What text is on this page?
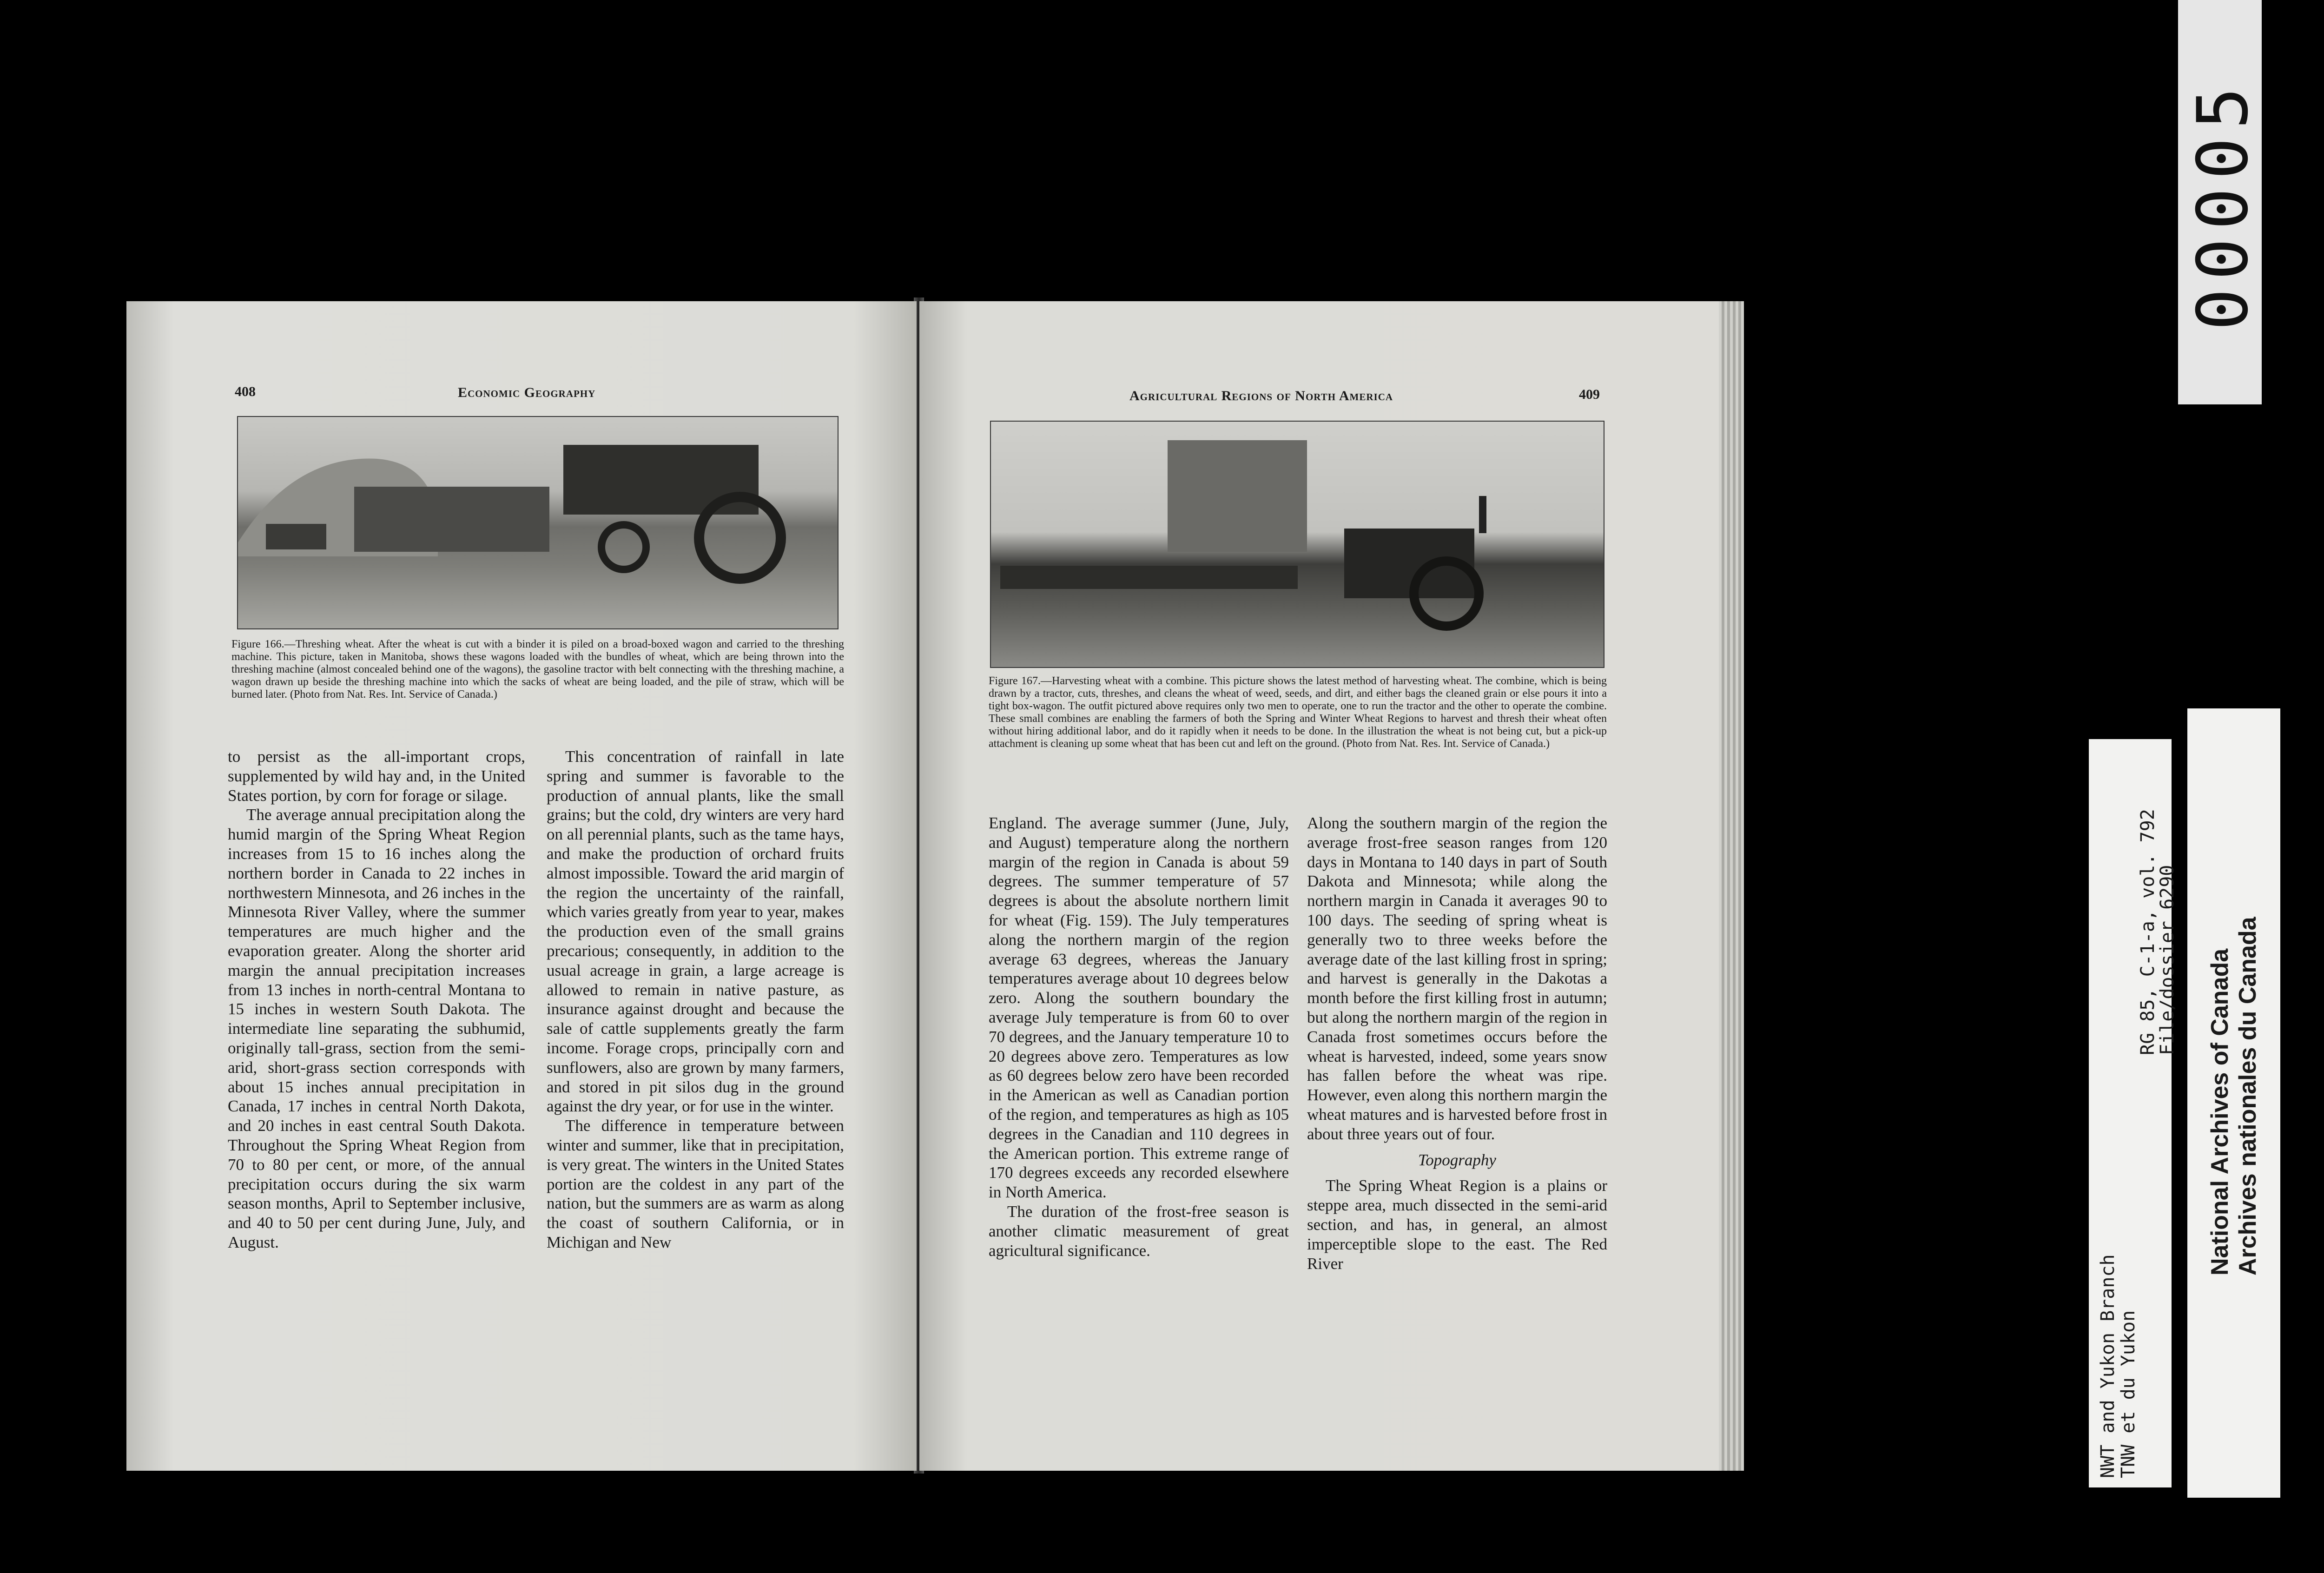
408	Economic Geography
Figure 166.—Threshing wheat. After the wheat is cut with a binder it is piled on a broad-boxed wagon and carried to the threshing machine. This picture, taken in Manitoba, shows these wagons loaded with the bundles of wheat, which are being thrown into the threshing machine (almost concealed behind one of the wagons), the gasoline tractor with belt connecting with the threshing machine, a wagon drawn up beside the threshing machine into which the sacks of wheat are being loaded, and the pile of straw, which will be burned later. (Photo from Nat. Res. Int. Service of Canada.)

to persist as the all-important crops, supplemented by wild hay and, in the United States portion, by corn for forage or silage.

The average annual precipitation along the humid margin of the Spring Wheat Region increases from 15 to 16 inches along the northern border in Canada to 22 inches in northwestern Minnesota, and 26 inches in the Minnesota River Valley, where the summer temperatures are much higher and the evaporation greater. Along the shorter arid margin the annual precipitation increases from 13 inches in north-central Montana to 15 inches in western South Dakota. The intermediate line separating the subhumid, originally tall-grass, section from the semi-arid, short-grass section corresponds with about 15 inches annual precipitation in Canada, 17 inches in central North Dakota, and 20 inches in east central South Dakota. Throughout the Spring Wheat Region from 70 to 80 per cent, or more, of the annual precipitation occurs during the six warm season months, April to September inclusive, and 40 to 50 per cent during June, July, and August.

This concentration of rainfall in late spring and summer is favorable to the production of annual plants, like the small grains; but the cold, dry winters are very hard on all perennial plants, such as the tame hays, and make the production of orchard fruits almost impossible. Toward the arid margin of the region the uncertainty of the rainfall, which varies greatly from year to year, makes the production even of the small grains precarious; consequently, in addition to the usual acreage in grain, a large acreage is allowed to remain in native pasture, as insurance against drought and because the sale of cattle supplements greatly the farm income. Forage crops, principally corn and sunflowers, also are grown by many farmers, and stored in pit silos dug in the ground against the dry year, or for use in the winter.

The difference in temperature between winter and summer, like that in precipitation, is very great. The winters in the United States portion are the coldest in any part of the nation, but the summers are as warm as along the coast of southern California, or in Michigan and New

Agricultural Regions of North America	409
Figure 167.—Harvesting wheat with a combine. This picture shows the latest method of harvesting wheat. The combine, which is being drawn by a tractor, cuts, threshes, and cleans the wheat of weed, seeds, and dirt, and either bags the cleaned grain or else pours it into a tight box-wagon. The outfit pictured above requires only two men to operate, one to run the tractor and the other to operate the combine. These small combines are enabling the farmers of both the Spring and Winter Wheat Regions to harvest and thresh their wheat often without hiring additional labor, and do it rapidly when it needs to be done. In the illustration the wheat is not being cut, but a pick-up attachment is cleaning up some wheat that has been cut and left on the ground. (Photo from Nat. Res. Int. Service of Canada.)

England. The average summer (June, July, and August) temperature along the northern margin of the region in Canada is about 59 degrees. The summer temperature of 57 degrees is about the absolute northern limit for wheat (Fig. 159). The July temperatures along the northern margin of the region average 63 degrees, whereas the January temperatures average about 10 degrees below zero. Along the southern boundary the average July temperature is from 60 to over 70 degrees, and the January temperature 10 to 20 degrees above zero. Temperatures as low as 60 degrees below zero have been recorded in the American as well as Canadian portion of the region, and temperatures as high as 105 degrees in the Canadian and 110 degrees in the American portion. This extreme range of 170 degrees exceeds any recorded elsewhere in North America.

The duration of the frost-free season is another climatic measurement of great agricultural significance.

Along the southern margin of the region the average frost-free season ranges from 120 days in Montana to 140 days in part of South Dakota and Minnesota; while along the northern margin in Canada it averages 90 to 100 days. The seeding of spring wheat is generally two to three weeks before the average date of the last killing frost in spring; and harvest is generally in the Dakotas a month before the first killing frost in autumn; but along the northern margin of the region in Canada frost sometimes occurs before the wheat is harvested, indeed, some years snow has fallen before the wheat was ripe. However, even along this northern margin the wheat matures and is harvested before frost in about three years out of four.

Topography

The Spring Wheat Region is a plains or steppe area, much dissected in the semi-arid section, and has, in general, an almost imperceptible slope to the east. The Red River

00005
NWT and Yukon Branch
TNW et du Yukon
RG 85, C-1-a, vol. 792
File/dossier 6290 National Archives of Canada Archives nationales du Canada
